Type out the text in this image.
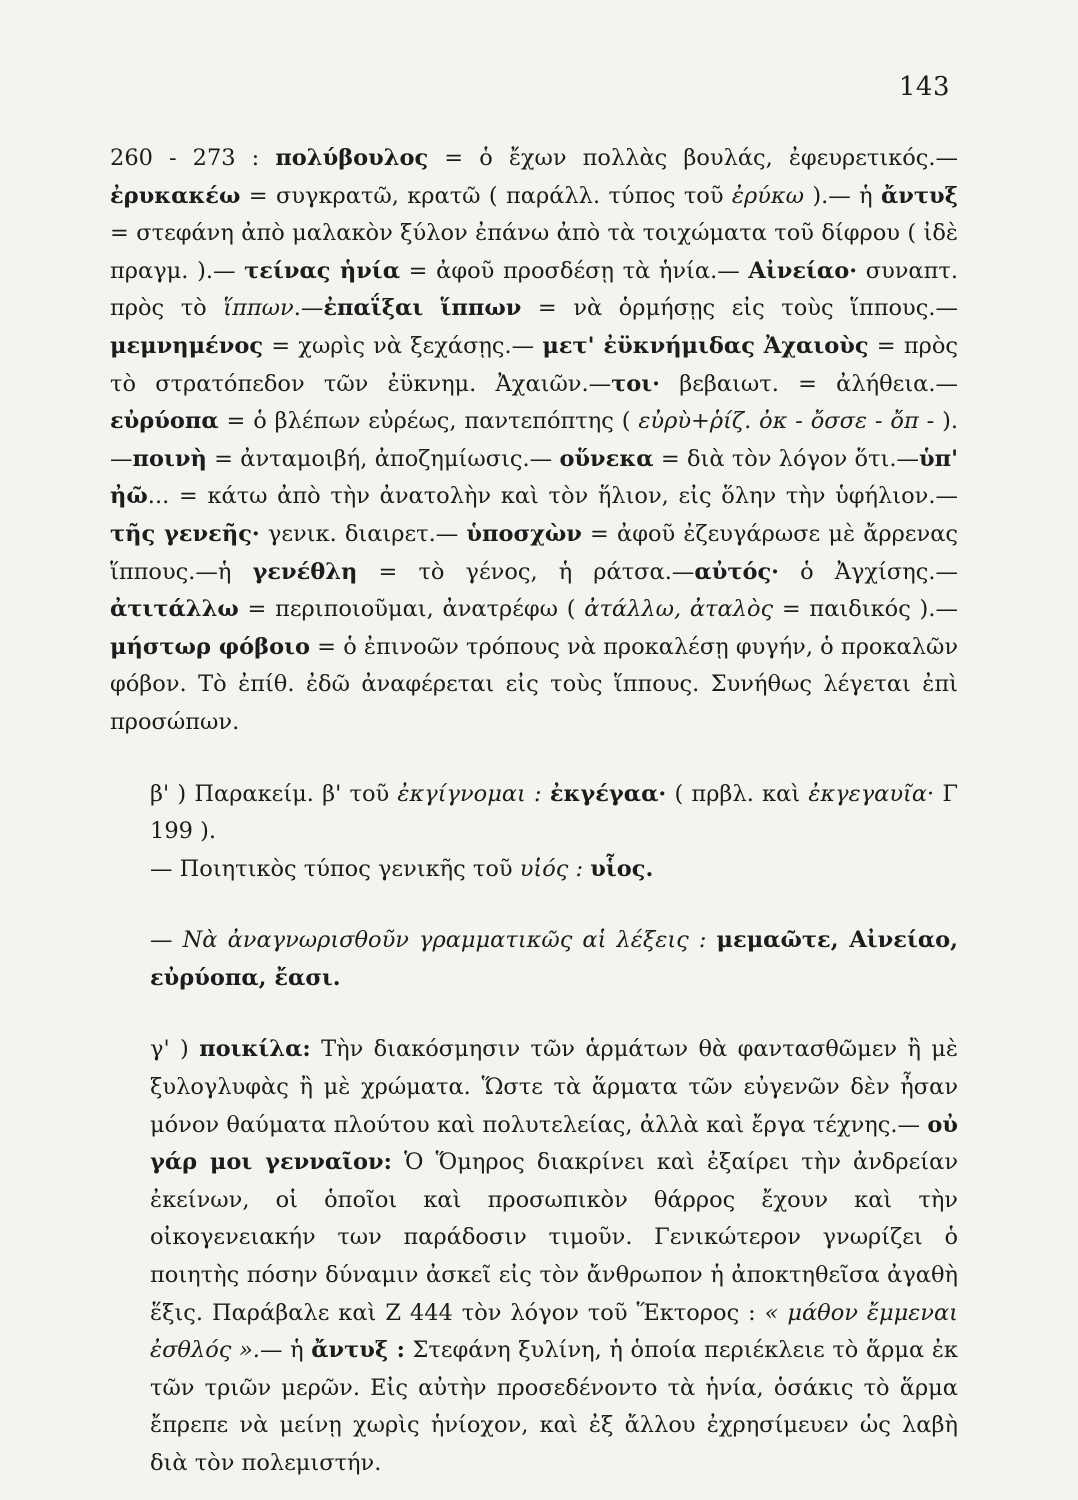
143

260 - 273 : πολύβουλος = ὁ ἔχων πολλὰς βουλάς, ἐφευρετικός.— ἐρυκακέω = συγκρατῶ, κρατῶ ( παράλλ. τύπος τοῦ ἐρύκω ).— ἡ ἄντυξ = στεφάνη ἀπὸ μαλακὸν ξύλον ἐπάνω ἀπὸ τὰ τοιχώματα τοῦ δίφρου ( ἰδὲ πραγμ. ).— τείνας ἡνία = ἀφοῦ προσδέσῃ τὰ ἡνία.— Αἰνείαο· συναπτ. πρὸς τὸ ἵππων.—ἐπαΐξαι ἵππων = νὰ ὁρμήσῃς εἰς τοὺς ἵππους.—μεμνημένος = χωρὶς νὰ ξεχάσῃς.— μετ' ἐϋκνήμιδας Ἀχαιοὺς = πρὸς τὸ στρατόπεδον τῶν ἐϋκνημ. Ἀχαιῶν.—τοι· βεβαιωτ. = ἀλήθεια.—εὐρύοπα = ὁ βλέπων εὐρέως, παντεπόπτης ( εὐρὺ+ῥίζ. ὀκ - ὄσσε - ὄπ - ).—ποινὴ = ἀνταμοιβή, ἀποζημίωσις.— οὕνεκα = διὰ τὸν λόγον ὅτι.—ὑπ' ἠῶ... = κάτω ἀπὸ τὴν ἀνατολὴν καὶ τὸν ἥλιον, εἰς ὅλην τὴν ὑφήλιον.— τῆς γενεῆς· γενικ. διαιρετ.— ὑποσχὼν = ἀφοῦ ἐζευγάρωσε μὲ ἄρρενας ἵππους.—ἡ γενέθλη = τὸ γένος, ἡ ράτσα.—αὐτός· ὁ Ἀγχίσης.— ἀτιτάλλω = περιποιοῦμαι, ἀνατρέφω ( ἀτάλλω, ἀταλὸς = παιδικός ).— μήστωρ φόβοιο = ὁ ἐπινοῶν τρόπους νὰ προκαλέσῃ φυγήν, ὁ προκαλῶν φόβον. Τὸ ἐπίθ. ἐδῶ ἀναφέρεται εἰς τοὺς ἵππους. Συνήθως λέγεται ἐπὶ προσώπων.

β' ) Παρακείμ. β' τοῦ ἐκγίγνομαι : ἐκγέγαα· ( πρβλ. καὶ ἐκγεγαυῖα· Γ 199 ).

— Ποιητικὸς τύπος γενικῆς τοῦ υἱός : υἷος.

— Νὰ ἀναγνωρισθοῦν γραμματικῶς αἱ λέξεις : μεμαῶτε, Αἰνείαο, εὐρύοπα, ἔασι.

γ' ) ποικίλα: Τὴν διακόσμησιν τῶν ἁρμάτων θὰ φαντασθῶμεν ἢ μὲ ξυλογλυφὰς ἢ μὲ χρώματα. Ὥστε τὰ ἅρματα τῶν εὐγενῶν δὲν ἦσαν μόνον θαύματα πλούτου καὶ πολυτελείας, ἀλλὰ καὶ ἔργα τέχνης.— οὐ γάρ μοι γενναῖον: Ὁ Ὅμηρος διακρίνει καὶ ἐξαίρει τὴν ἀνδρείαν ἐκείνων, οἱ ὁποῖοι καὶ προσωπικὸν θάρρος ἔχουν καὶ τὴν οἰκογενειακήν των παράδοσιν τιμοῦν. Γενικώτερον γνωρίζει ὁ ποιητὴς πόσην δύναμιν ἀσκεῖ εἰς τὸν ἄνθρωπον ἡ ἀποκτηθεῖσα ἀγαθὴ ἕξις. Παράβαλε καὶ Ζ 444 τὸν λόγον τοῦ Ἕκτορος : « μάθον ἔμμεναι ἐσθλός ».— ἡ ἄντυξ : Στεφάνη ξυλίνη, ἡ ὁποία περιέκλειε τὸ ἅρμα ἐκ τῶν τριῶν μερῶν. Εἰς αὐτὴν προσεδένοντο τὰ ἡνία, ὁσάκις τὸ ἅρμα ἔπρεπε νὰ μείνῃ χωρὶς ἡνίοχον, καὶ ἐξ ἄλλου ἐχρησίμευεν ὡς λαβὴ διὰ τὸν πολεμιστήν.
